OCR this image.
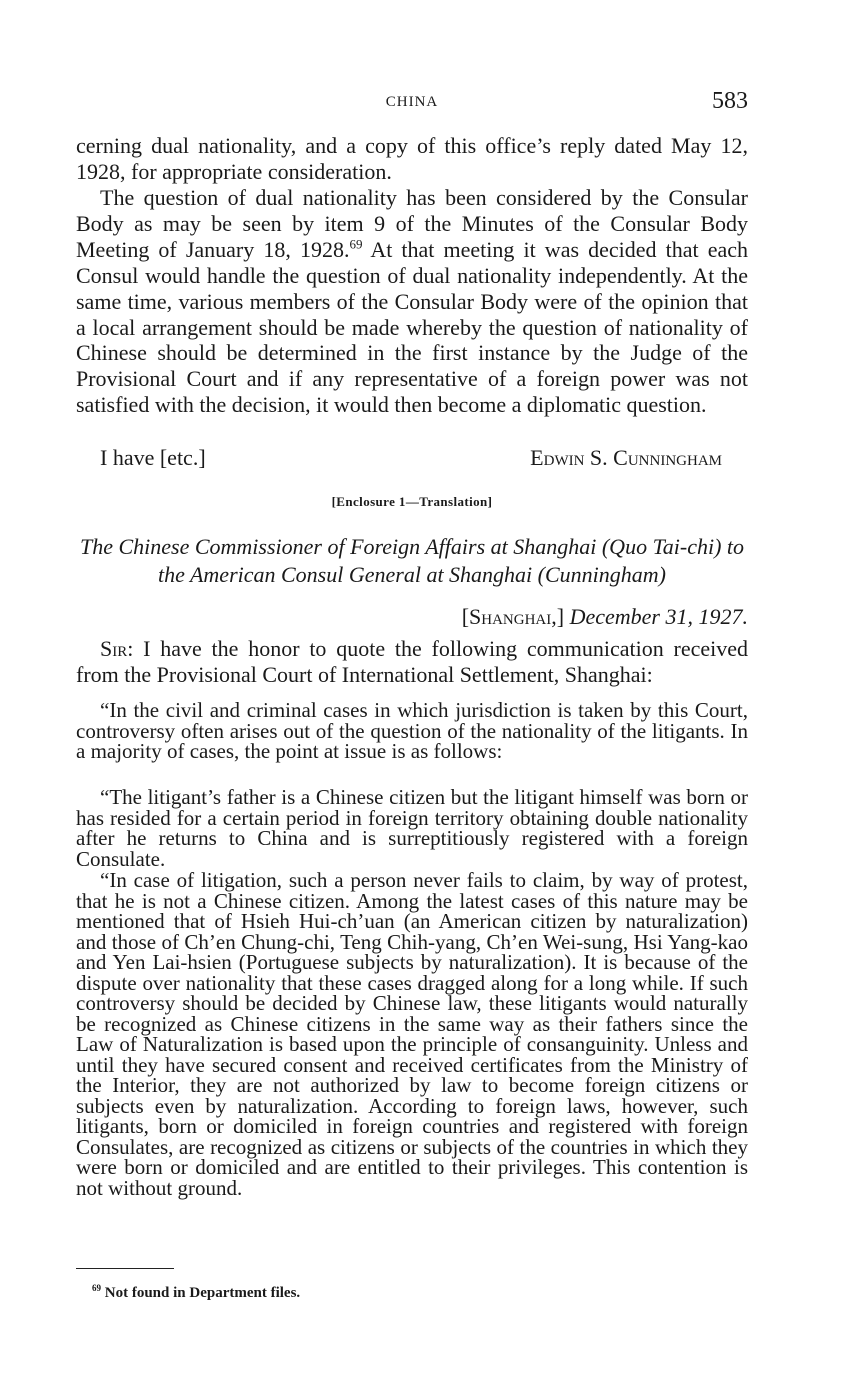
CHINA	583

cerning dual nationality, and a copy of this office’s reply dated May 12, 1928, for appropriate consideration.

The question of dual nationality has been considered by the Consular Body as may be seen by item 9 of the Minutes of the Consular Body Meeting of January 18, 1928.69 At that meeting it was decided that each Consul would handle the question of dual nationality independently. At the same time, various members of the Consular Body were of the opinion that a local arrangement should be made whereby the question of nationality of Chinese should be determined in the first instance by the Judge of the Provisional Court and if any representative of a foreign power was not satisfied with the decision, it would then become a diplomatic question.

I have [etc.]	Edwin S. Cunningham
[Enclosure 1—Translation]

The Chinese Commissioner of Foreign Affairs at Shanghai (Quo Tai-chi) to the American Consul General at Shanghai (Cunningham)

[Shanghai,] December 31, 1927.

Sir: I have the honor to quote the following communication received from the Provisional Court of International Settlement, Shanghai:

“In the civil and criminal cases in which jurisdiction is taken by this Court, controversy often arises out of the question of the nationality of the litigants. In a majority of cases, the point at issue is as follows:

“The litigant’s father is a Chinese citizen but the litigant himself was born or has resided for a certain period in foreign territory obtaining double nationality after he returns to China and is surreptitiously registered with a foreign Consulate.

“In case of litigation, such a person never fails to claim, by way of protest, that he is not a Chinese citizen. Among the latest cases of this nature may be mentioned that of Hsieh Hui-ch’uan (an American citizen by naturalization) and those of Ch’en Chung-chi, Teng Chih-yang, Ch’en Wei-sung, Hsi Yang-kao and Yen Lai-hsien (Portuguese subjects by naturalization). It is because of the dispute over nationality that these cases dragged along for a long while. If such controversy should be decided by Chinese law, these litigants would naturally be recognized as Chinese citizens in the same way as their fathers since the Law of Naturalization is based upon the principle of consanguinity. Unless and until they have secured consent and received certificates from the Ministry of the Interior, they are not authorized by law to become foreign citizens or subjects even by naturalization. According to foreign laws, however, such litigants, born or domiciled in foreign countries and registered with foreign Consulates, are recognized as citizens or subjects of the countries in which they were born or domiciled and are entitled to their privileges. This contention is not without ground.

$^{69}$ Not found in Department files.
